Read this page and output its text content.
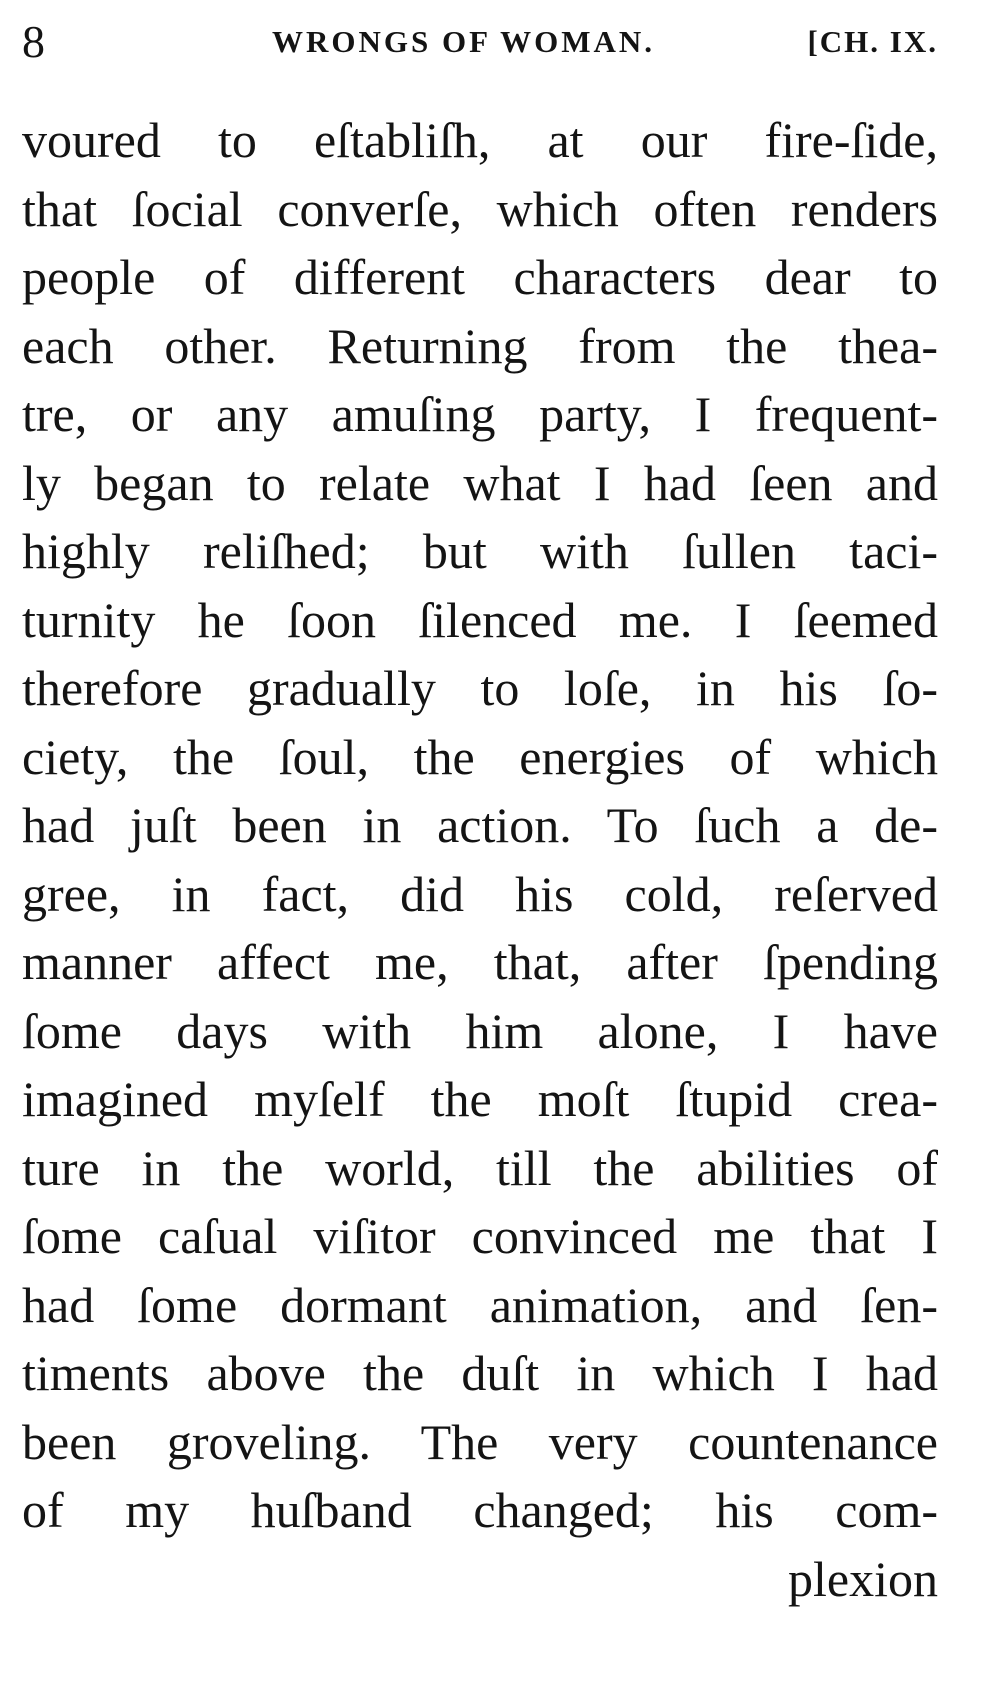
8	WRONGS OF WOMAN.	[CH. IX.
voured to eſtabliſh, at our fire-ſide,
that ſocial converſe, which often renders
people of different characters dear to
each other. Returning from the thea-
tre, or any amuſing party, I frequent-
ly began to relate what I had ſeen and
highly reliſhed; but with ſullen taci-
turnity he ſoon ſilenced me. I ſeemed
therefore gradually to loſe, in his ſo-
ciety, the ſoul, the energies of which
had juſt been in action. To ſuch a de-
gree, in fact, did his cold, reſerved
manner affect me, that, after ſpending
ſome days with him alone, I have
imagined myſelf the moſt ſtupid crea-
ture in the world, till the abilities of
ſome caſual viſitor convinced me that I
had ſome dormant animation, and ſen-
timents above the duſt in which I had
been groveling. The very countenance
of my huſband changed; his com-
plexion
